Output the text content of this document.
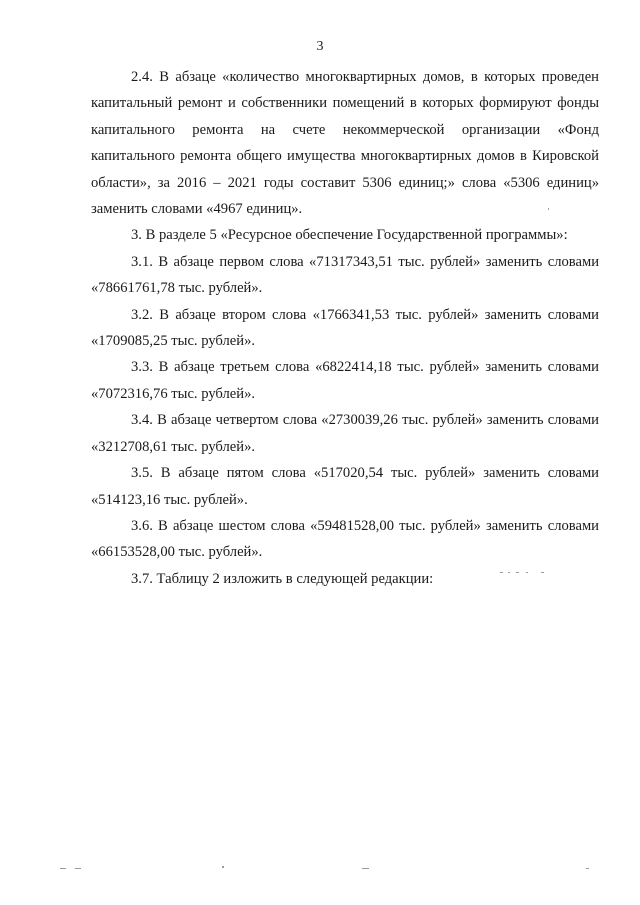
3

2.4. В абзаце «количество многоквартирных домов, в которых проведен капитальный ремонт и собственники помещений в которых формируют фонды капитального ремонта на счете некоммерческой организации «Фонд капитального ремонта общего имущества многоквартирных домов в Кировской области», за 2016 – 2021 годы составит 5306 единиц;» слова «5306 единиц» заменить словами «4967 единиц».

3. В разделе 5 «Ресурсное обеспечение Государственной программы»:

3.1. В абзаце первом слова «71317343,51 тыс. рублей» заменить словами «78661761,78 тыс. рублей».

3.2. В абзаце втором слова «1766341,53 тыс. рублей» заменить словами «1709085,25 тыс. рублей».

3.3. В абзаце третьем слова «6822414,18 тыс. рублей» заменить словами «7072316,76 тыс. рублей».

3.4. В абзаце четвертом слова «2730039,26 тыс. рублей» заменить словами «3212708,61 тыс. рублей».

3.5. В абзаце пятом слова «517020,54 тыс. рублей» заменить словами «514123,16 тыс. рублей».

3.6. В абзаце шестом слова «59481528,00 тыс. рублей» заменить словами «66153528,00 тыс. рублей».

3.7. Таблицу 2 изложить в следующей редакции:
